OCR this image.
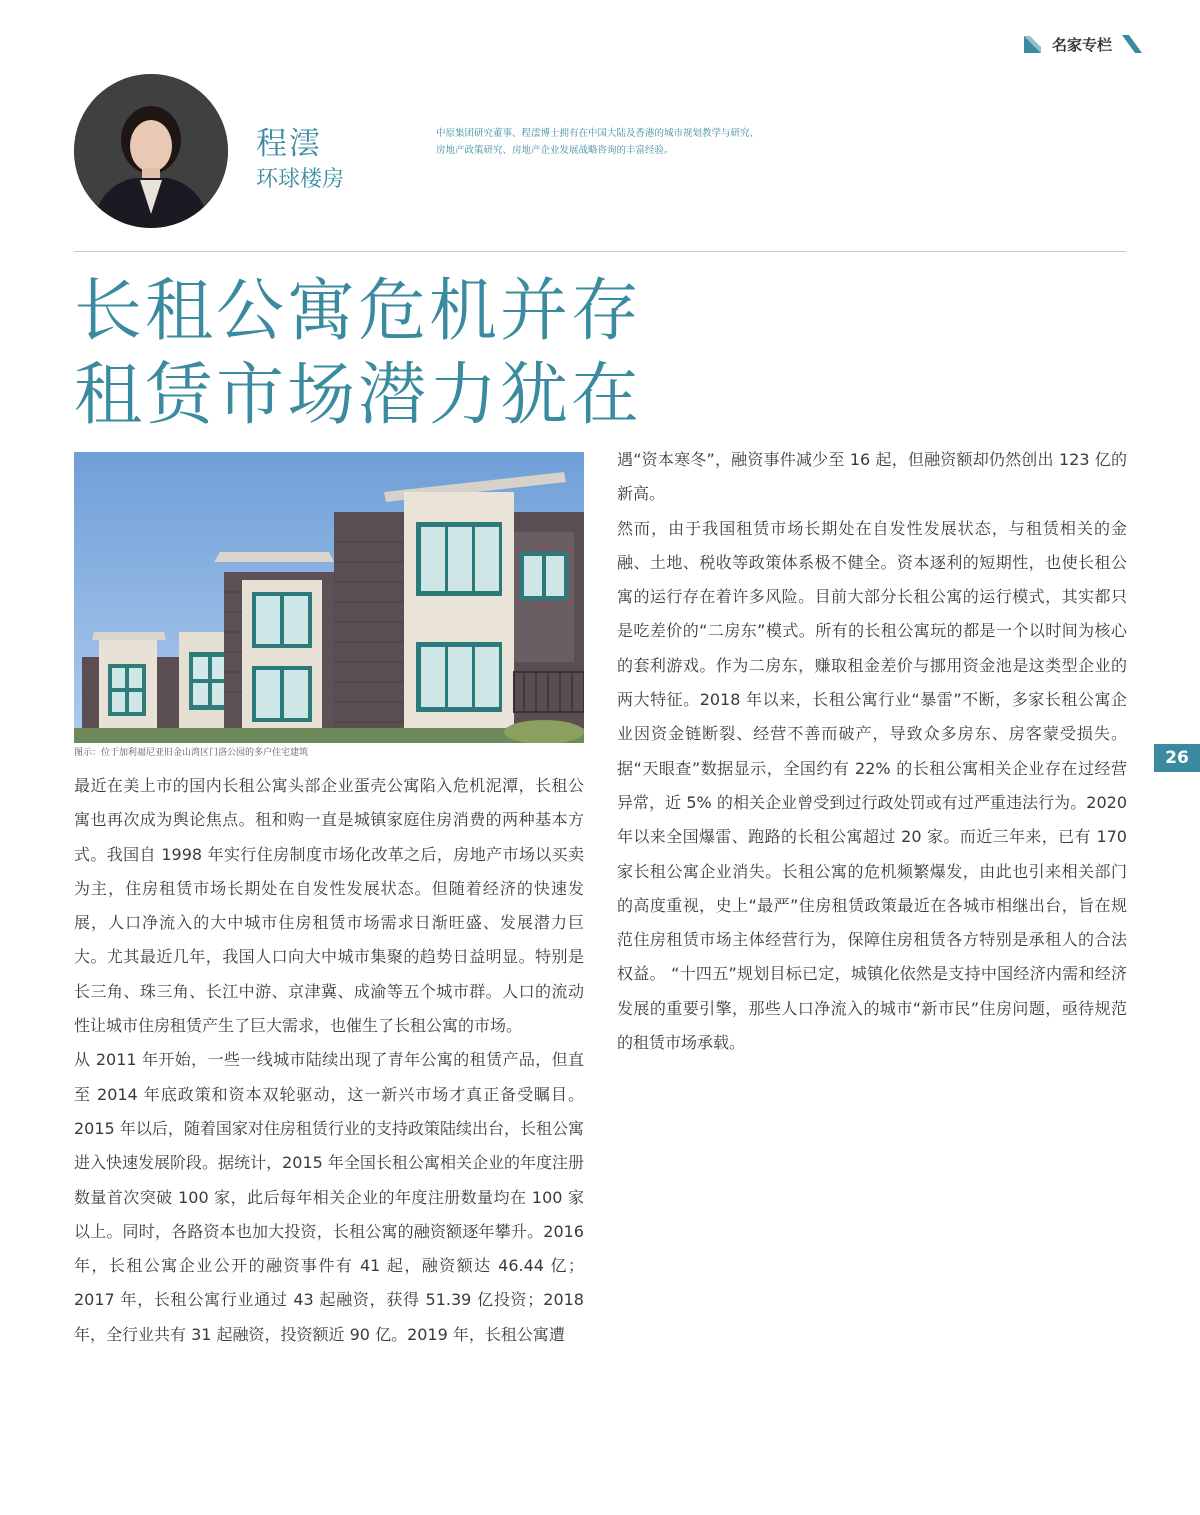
名家专栏
程澐
环球楼房
中原集团研究董事、程澐博士拥有在中国大陆及香港的城市规划教学与研究、
房地产政策研究、房地产企业发展战略咨询的丰富经验。
长租公寓危机并存
租赁市场潜力犹在
图示：位于加利福尼亚旧金山湾区门洛公园的多户住宅建筑

最近在美上市的国内长租公寓头部企业蛋壳公寓陷入危机泥潭，长租公寓也再次成为舆论焦点。租和购一直是城镇家庭住房消费的两种基本方式。我国自 1998 年实行住房制度市场化改革之后，房地产市场以买卖为主，住房租赁市场长期处在自发性发展状态。但随着经济的快速发展，人口净流入的大中城市住房租赁市场需求日渐旺盛、发展潜力巨大。尤其最近几年，我国人口向大中城市集聚的趋势日益明显。特别是长三角、珠三角、长江中游、京津冀、成渝等五个城市群。人口的流动性让城市住房租赁产生了巨大需求，也催生了长租公寓的市场。

从 2011 年开始，一些一线城市陆续出现了青年公寓的租赁产品，但直至 2014 年底政策和资本双轮驱动，这一新兴市场才真正备受瞩目。2015 年以后，随着国家对住房租赁行业的支持政策陆续出台，长租公寓进入快速发展阶段。据统计，2015 年全国长租公寓相关企业的年度注册数量首次突破 100 家，此后每年相关企业的年度注册数量均在 100 家以上。同时，各路资本也加大投资，长租公寓的融资额逐年攀升。2016 年，长租公寓企业公开的融资事件有 41 起，融资额达 46.44 亿；2017 年，长租公寓行业通过 43 起融资，获得 51.39 亿投资；2018 年，全行业共有 31 起融资，投资额近 90 亿。2019 年，长租公寓遭

遇“资本寒冬”，融资事件减少至 16 起，但融资额却仍然创出 123 亿的新高。

然而，由于我国租赁市场长期处在自发性发展状态，与租赁相关的金融、土地、税收等政策体系极不健全。资本逐利的短期性，也使长租公寓的运行存在着许多风险。目前大部分长租公寓的运行模式，其实都只是吃差价的“二房东”模式。所有的长租公寓玩的都是一个以时间为核心的套利游戏。作为二房东，赚取租金差价与挪用资金池是这类型企业的两大特征。2018 年以来，长租公寓行业“暴雷”不断，多家长租公寓企业因资金链断裂、经营不善而破产，导致众多房东、房客蒙受损失。据“天眼查”数据显示，全国约有 22% 的长租公寓相关企业存在过经营异常，近 5% 的相关企业曾受到过行政处罚或有过严重违法行为。2020 年以来全国爆雷、跑路的长租公寓超过 20 家。而近三年来，已有 170 家长租公寓企业消失。长租公寓的危机频繁爆发，由此也引来相关部门的高度重视，史上“最严”住房租赁政策最近在各城市相继出台，旨在规范住房租赁市场主体经营行为，保障住房租赁各方特别是承租人的合法权益。 “十四五”规划目标已定，城镇化依然是支持中国经济内需和经济发展的重要引擎，那些人口净流入的城市“新市民”住房问题，亟待规范的租赁市场承载。

26
